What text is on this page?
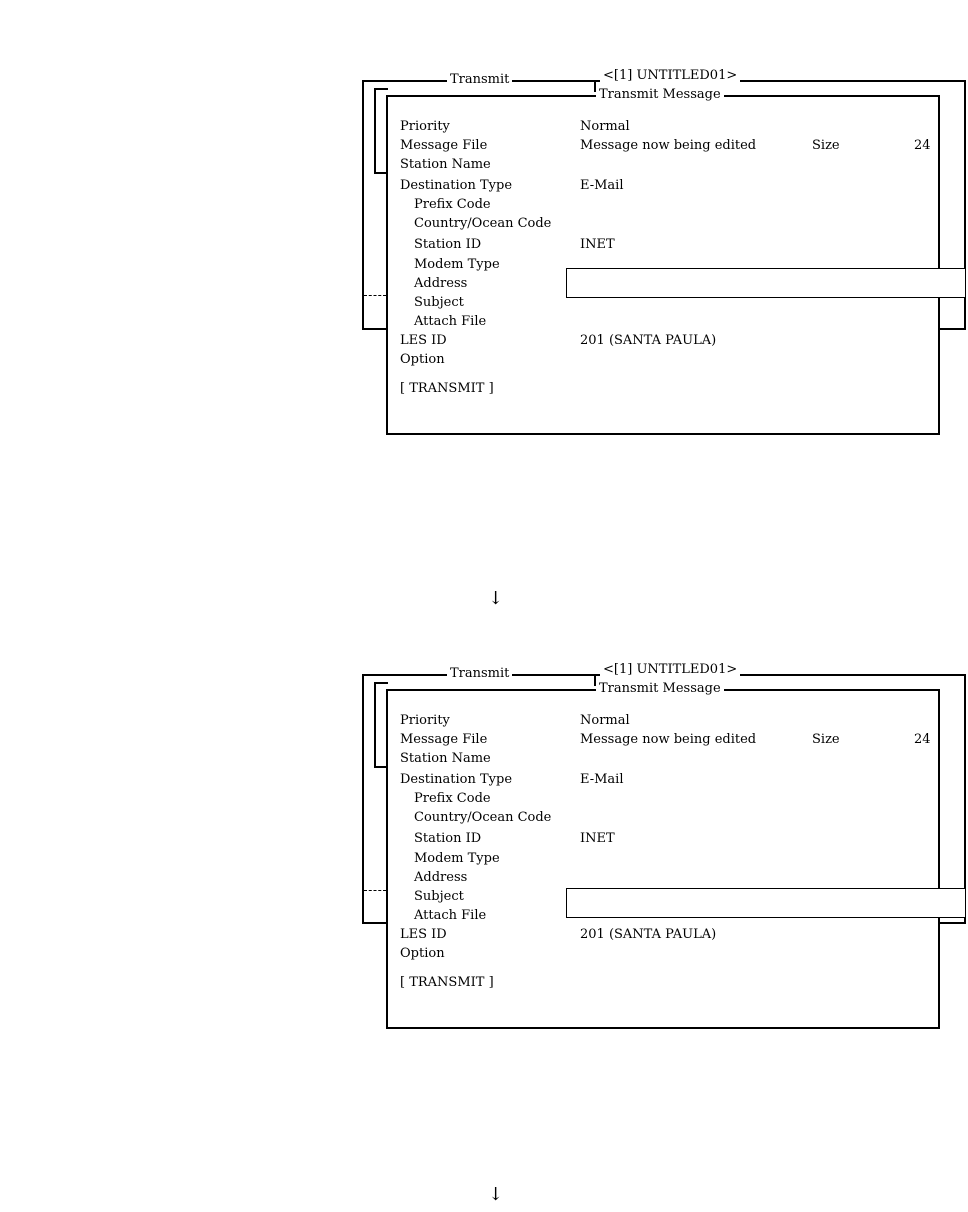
Transmit	<[1] UNTITLED01>
Transmit Message
Priority	Normal
Message File	Message now being edited	Size	24
Station Name
Destination Type	E-Mail
Prefix Code
Country/Ocean Code
Station ID	INET
Modem Type
Address
Subject
Attach File
LES ID	201 (SANTA PAULA)
Option
[ TRANSMIT ]
↓
Transmit	<[1] UNTITLED01>
Transmit Message
Priority	Normal
Message File	Message now being edited	Size	24
Station Name
Destination Type	E-Mail
Prefix Code
Country/Ocean Code
Station ID	INET
Modem Type
Address
Subject
Attach File
LES ID	201 (SANTA PAULA)
Option
[ TRANSMIT ]
↓
